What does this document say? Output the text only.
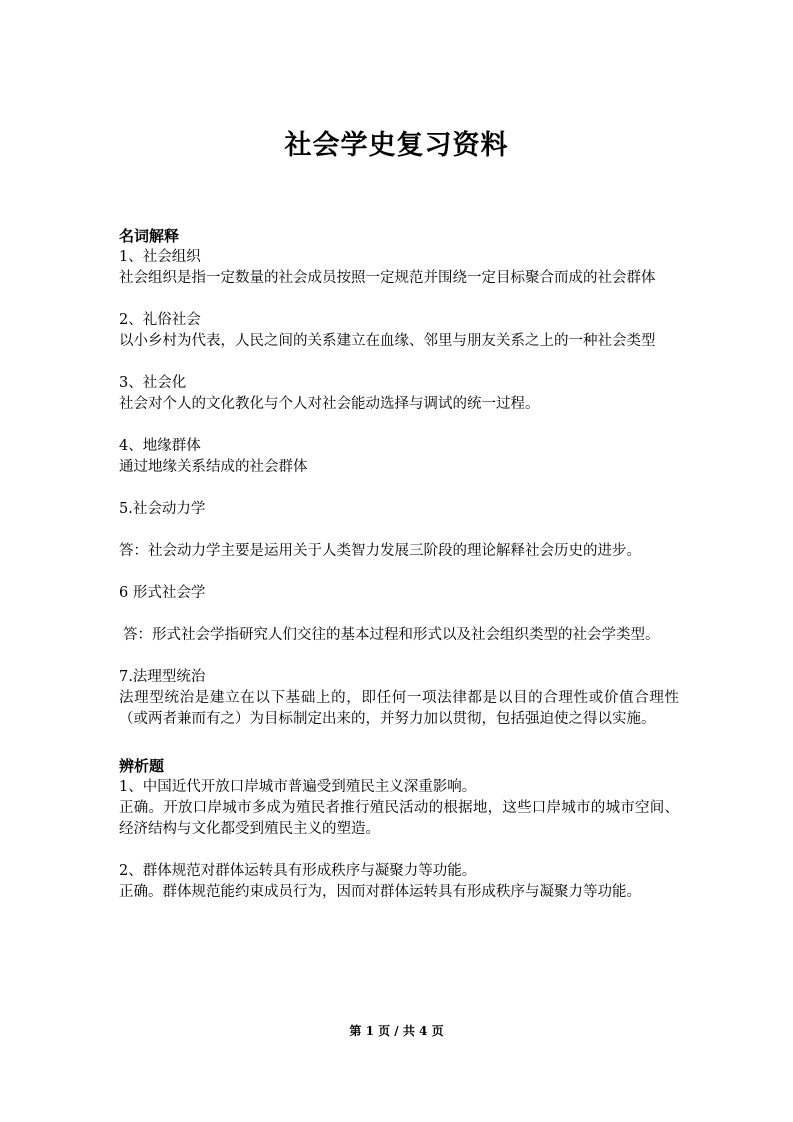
社会学史复习资料
名词解释
1、社会组织
社会组织是指一定数量的社会成员按照一定规范并围绕一定目标聚合而成的社会群体
2、礼俗社会
以小乡村为代表，人民之间的关系建立在血缘、邻里与朋友关系之上的一种社会类型
3、社会化
社会对个人的文化教化与个人对社会能动选择与调试的统一过程。
4、地缘群体
通过地缘关系结成的社会群体
5.社会动力学
答：社会动力学主要是运用关于人类智力发展三阶段的理论解释社会历史的进步。
6 形式社会学
答：形式社会学指研究人们交往的基本过程和形式以及社会组织类型的社会学类型。
7.法理型统治
法理型统治是建立在以下基础上的，即任何一项法律都是以目的合理性或价值合理性（或两者兼而有之）为目标制定出来的，并努力加以贯彻，包括强迫使之得以实施。
辨析题
1、中国近代开放口岸城市普遍受到殖民主义深重影响。
正确。开放口岸城市多成为殖民者推行殖民活动的根据地，这些口岸城市的城市空间、经济结构与文化都受到殖民主义的塑造。
2、群体规范对群体运转具有形成秩序与凝聚力等功能。
正确。群体规范能约束成员行为，因而对群体运转具有形成秩序与凝聚力等功能。
第 1 页 / 共 4 页
